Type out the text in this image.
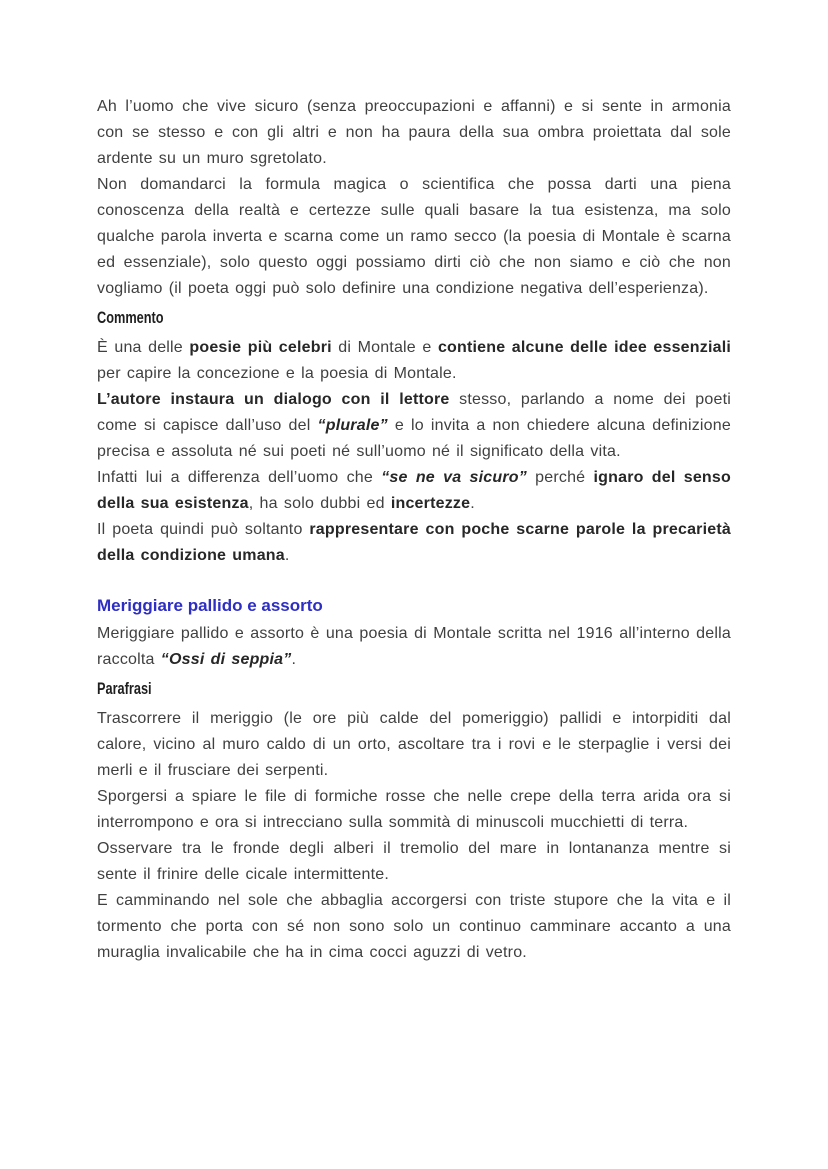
Ah l’uomo che vive sicuro (senza preoccupazioni e affanni) e si sente in armonia con se stesso e con gli altri e non ha paura della sua ombra proiettata dal sole ardente su un muro sgretolato.

Non domandarci la formula magica o scientifica che possa darti una piena conoscenza della realtà e certezze sulle quali basare la tua esistenza, ma solo qualche parola inverta e scarna come un ramo secco (la poesia di Montale è scarna ed essenziale), solo questo oggi possiamo dirti ciò che non siamo e ciò che non vogliamo (il poeta oggi può solo definire una condizione negativa dell’esperienza).

Commento

È una delle poesie più celebri di Montale e contiene alcune delle idee essenziali per capire la concezione e la poesia di Montale.

L’autore instaura un dialogo con il lettore stesso, parlando a nome dei poeti come si capisce dall’uso del “plurale” e lo invita a non chiedere alcuna definizione precisa e assoluta né sui poeti né sull’uomo né il significato della vita.

Infatti lui a differenza dell’uomo che “se ne va sicuro” perché ignaro del senso della sua esistenza, ha solo dubbi ed incertezze.

Il poeta quindi può soltanto rappresentare con poche scarne parole la precarietà della condizione umana.

Meriggiare pallido e assorto

Meriggiare pallido e assorto è una poesia di Montale scritta nel 1916 all’interno della raccolta “Ossi di seppia”.

Parafrasi

Trascorrere il meriggio (le ore più calde del pomeriggio) pallidi e intorpiditi dal calore, vicino al muro caldo di un orto, ascoltare tra i rovi e le sterpaglie i versi dei merli e il frusciare dei serpenti.

Sporgersi a spiare le file di formiche rosse che nelle crepe della terra arida ora si interrompono e ora si intrecciano sulla sommità di minuscoli mucchietti di terra.

Osservare tra le fronde degli alberi il tremolio del mare in lontananza mentre si sente il frinire delle cicale intermittente.

E camminando nel sole che abbaglia accorgersi con triste stupore che la vita e il tormento che porta con sé non sono solo un continuo camminare accanto a una muraglia invalicabile che ha in cima cocci aguzzi di vetro.
